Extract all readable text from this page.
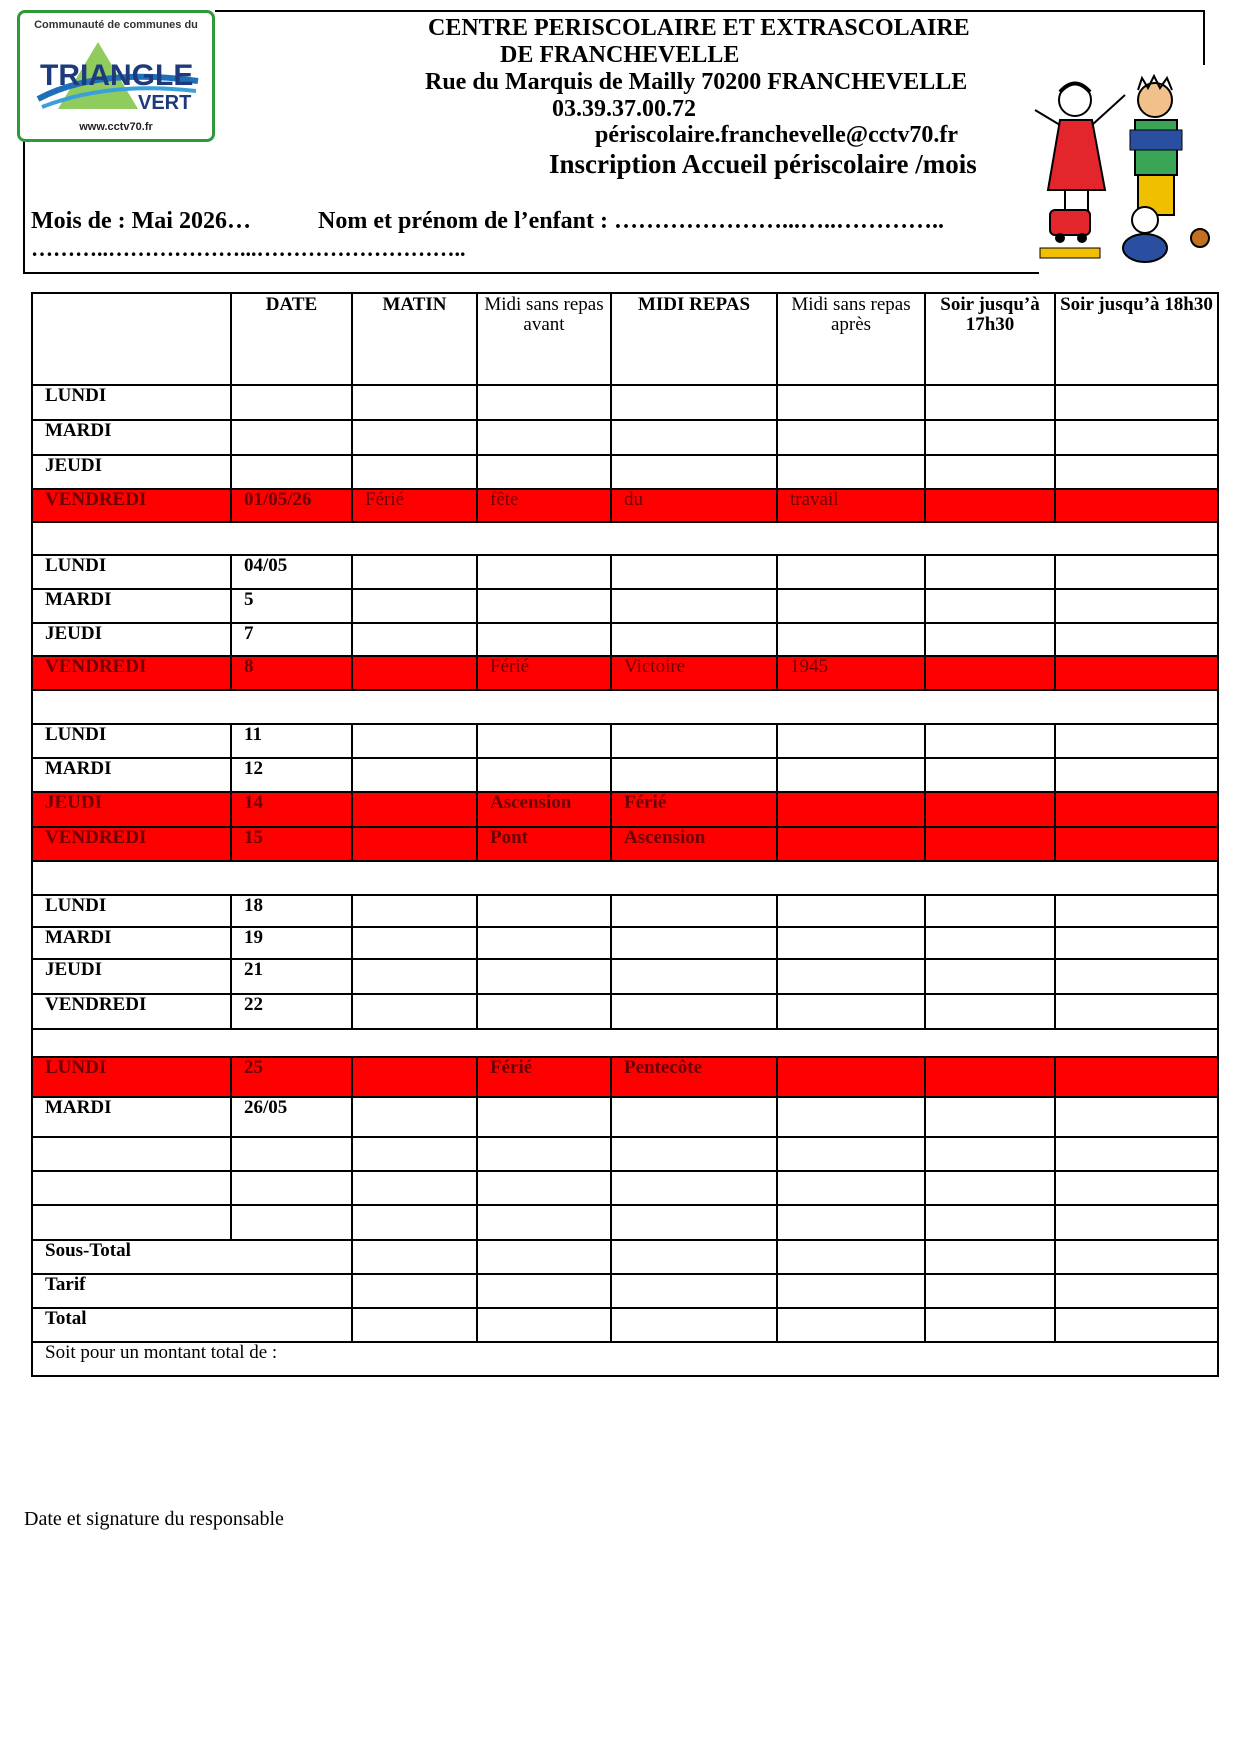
Communauté de communes du
TRIANGLE
VERT
www.cctv70.fr
CENTRE PERISCOLAIRE ET EXTRASCOLAIRE
DE FRANCHEVELLE
Rue du Marquis de Mailly 70200 FRANCHEVELLE
03.39.37.00.72
périscolaire.franchevelle@cctv70.fr
Inscription Accueil périscolaire /mois
Mois de : Mai 2026…	Nom et prénom de l’enfant : …………………...…..…………..
………..………………...………………………..
	DATE	MATIN	Midi sans repas avant	MIDI REPAS	Midi sans repas après	Soir jusqu’à 17h30	Soir jusqu’à 18h30
LUNDI							
MARDI							
JEUDI							
VENDREDI	01/05/26	Férié	fête	du	travail		

LUNDI	04/05						
MARDI	5						
JEUDI	7						
VENDREDI	8		Férié	Victoire	1945		

LUNDI	11						
MARDI	12						
JEUDI	14		Ascension	Férié			
VENDREDI	15		Pont	Ascension			

LUNDI	18						
MARDI	19						
JEUDI	21						
VENDREDI	22						

LUNDI	25		Férié	Pentecôte			
MARDI	26/05						

Sous-Total							
Tarif							
Total							
Soit pour un montant total de :							
Date et signature du responsable
